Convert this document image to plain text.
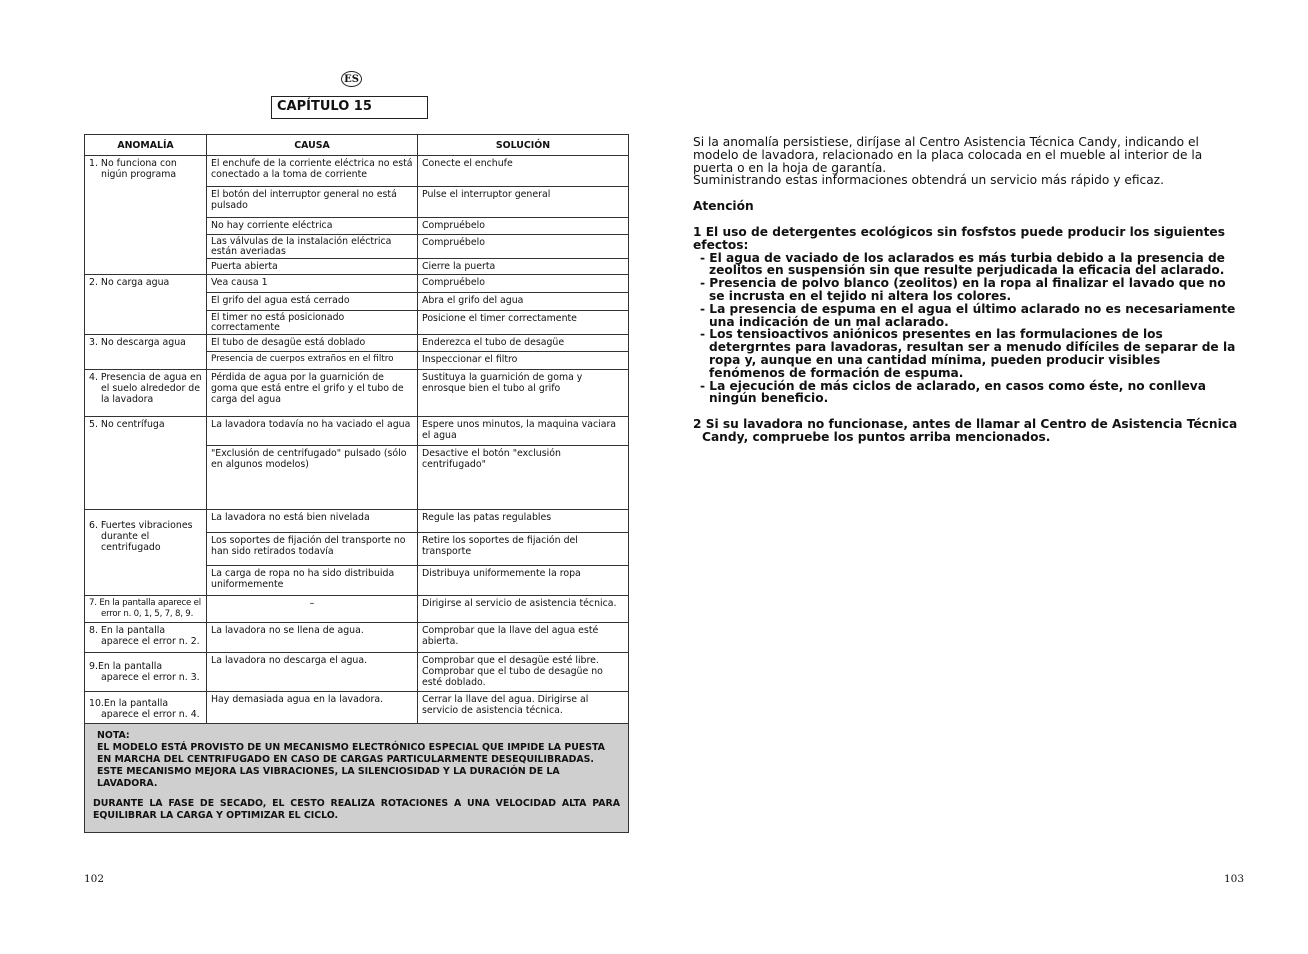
ES
CAPÍTULO 15
ANOMALÍA	CAUSA	SOLUCIÓN

1. No funciona con nigún programa	El enchufe de la corriente eléctrica no está conectado a la toma de corriente	Conecte el enchufe
	El botón del interruptor general no está pulsado	Pulse el interruptor general
	No hay corriente eléctrica	Compruébelo
	Las válvulas de la instalación eléctrica están averiadas	Compruébelo
	Puerta abierta	Cierre la puerta
2. No carga agua	Vea causa 1	Compruébelo
	El grifo del agua está cerrado	Abra el grifo del agua
	El timer no está posicionado correctamente	Posicione el timer correctamente
3. No descarga agua	El tubo de desagüe está doblado	Enderezca el tubo de desagüe
	Presencia de cuerpos extraños en el filtro	Inspeccionar el filtro

4. Presencia de agua en el suelo alrededor de la lavadora	Pérdida de agua por la guarnición de goma que está entre el grifo y el tubo de carga del agua	Sustituya la guarnición de goma y enrosque bien el tubo al grifo
5. No centrífuga	La lavadora todavía no ha vaciado el agua	Espere unos minutos, la maquina vaciara el agua
	"Exclusión de centrifugado" pulsado (sólo en algunos modelos)	Desactive el botón "exclusión centrifugado"

6. Fuertes vibraciones durante el centrifugado	La lavadora no está bien nivelada	Regule las patas regulables
	Los soportes de fijación del transporte no han sido retirados todavía	Retire los soportes de fijación del transporte
	La carga de ropa no ha sido distribuida uniformemente	Distribuya uniformemente la ropa

7. En la pantalla aparece el error n. 0, 1, 5, 7, 8, 9.	–	Dirigirse al servicio de asistencia técnica.

8. En la pantalla aparece el error n. 2.	La lavadora no se llena de agua.	Comprobar que la llave del agua esté abierta.

9.En la pantalla aparece el error n. 3.	La lavadora no descarga el agua.	Comprobar que el desagüe esté libre. Comprobar que el tubo de desagüe no esté doblado.

10.En la pantalla aparece el error n. 4.	Hay demasiada agua en la lavadora.	Cerrar la llave del agua. Dirigirse al servicio de asistencia técnica.

NOTA:
EL MODELO ESTÁ PROVISTO DE UN MECANISMO ELECTRÓNICO ESPECIAL QUE IMPIDE LA PUESTA EN MARCHA DEL CENTRIFUGADO EN CASO DE CARGAS PARTICULARMENTE DESEQUILIBRADAS.
ESTE MECANISMO MEJORA LAS VIBRACIONES, LA SILENCIOSIDAD Y LA DURACIÓN DE LA LAVADORA.
DURANTE LA FASE DE SECADO, EL CESTO REALIZA ROTACIONES A UNA VELOCIDAD ALTA PARA EQUILIBRAR LA CARGA Y OPTIMIZAR EL CICLO.		
102

Si la anomalía persistiese, diríjase al Centro Asistencia Técnica Candy, indicando el modelo de lavadora, relacionado en la placa colocada en el mueble al interior de la puerta o en la hoja de garantía.

Suministrando estas informaciones obtendrá un servicio más rápido y eficaz.

Atención

1 El uso de detergentes ecológicos sin fosfstos puede producir los siguientes efectos:

- El agua de vaciado de los aclarados es más turbia debido a la presencia de zeolitos en suspensión sin que resulte perjudicada la eficacia del aclarado.

- Presencia de polvo blanco (zeolitos) en la ropa al finalizar el lavado que no se incrusta en el tejido ni altera los colores.

- La presencia de espuma en el agua el último aclarado no es necesariamente una indicación de un mal aclarado.

- Los tensioactivos aniónicos presentes en las formulaciones de los detergrntes para lavadoras, resultan ser a menudo difíciles de separar de la ropa y, aunque en una cantidad mínima, pueden producir visibles fenómenos de formación de espuma.

- La ejecución de más ciclos de aclarado, en casos como éste, no conlleva ningún beneficio.

2 Si su lavadora no funcionase, antes de llamar al Centro de Asistencia Técnica Candy, compruebe los puntos arriba mencionados.

103
